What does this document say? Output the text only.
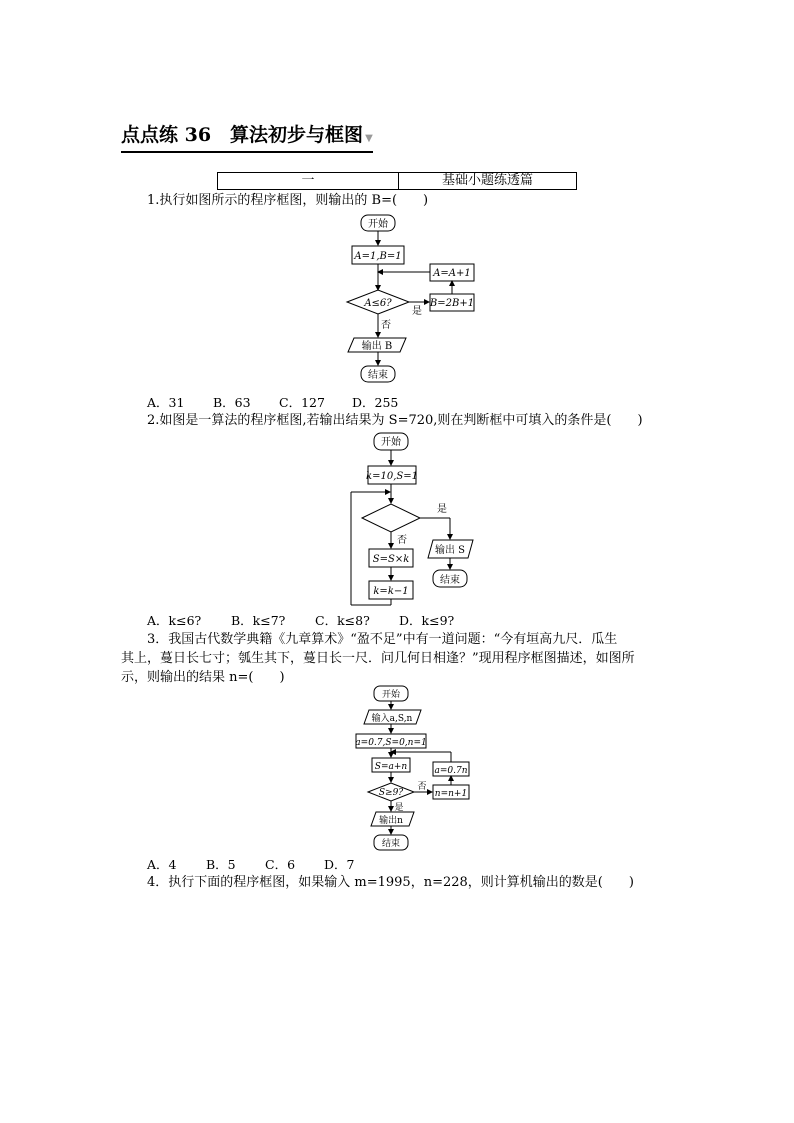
点点练 36　算法初步与框图 ▼
一	基础小题练透篇
1.执行如图所示的程序框图，则输出的 B=(　　)
开始
A=1,B=1
A≤6?	B=2B+1
A=A+1
是
否
输出 B
结束
A．31 B．63 C．127 D．255
2.如图是一算法的程序框图,若输出结果为 S=720,则在判断框中可填入的条件是(　　)
开始
k=10,S=1
是
否
输出 S
结束
S=S×k
k=k−1
A．k≤6? B．k≤7? C．k≤8? D．k≤9?
3．我国古代数学典籍《九章算术》“盈不足”中有一道问题：“今有垣高九尺．瓜生
其上，蔓日长七寸；瓠生其下，蔓日长一尺．问几何日相逢？”现用程序框图描述，如图所
示，则输出的结果 n=(　　)
开始
输入a,S,n
a=0.7,S=0,n=1
S=a+n
S≥9?
否
是
n=n+1
a=0.7n
输出n
结束
A．4 B．5 C．6 D．7
4．执行下面的程序框图，如果输入 m=1995，n=228，则计算机输出的数是(　　)
